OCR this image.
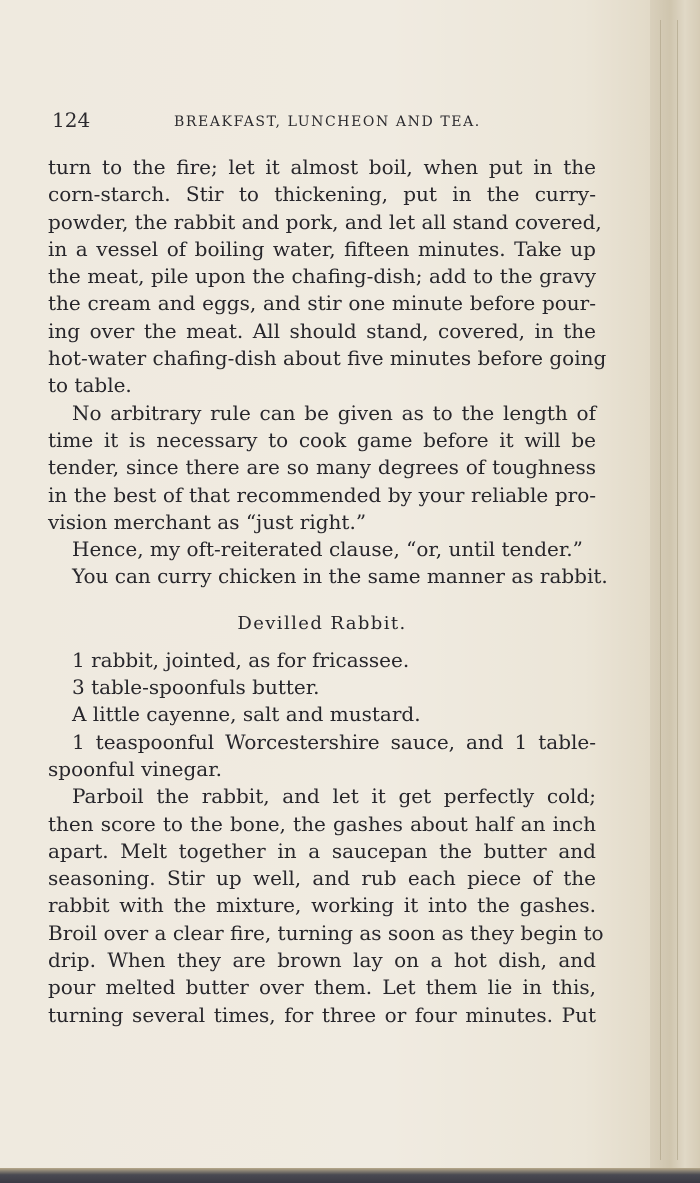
124	BREAKFAST, LUNCHEON AND TEA.
turn to the fire; let it almost boil, when put in the
corn-starch. Stir to thickening, put in the curry-
powder, the rabbit and pork, and let all stand covered,
in a vessel of boiling water, fifteen minutes. Take up
the meat, pile upon the chafing-dish; add to the gravy
the cream and eggs, and stir one minute before pour-
ing over the meat. All should stand, covered, in the
hot-water chafing-dish about five minutes before going
to table.
No arbitrary rule can be given as to the length of
time it is necessary to cook game before it will be
tender, since there are so many degrees of toughness
in the best of that recommended by your reliable pro-
vision merchant as “just right.”
Hence, my oft-reiterated clause, “or, until tender.”
You can curry chicken in the same manner as rabbit.
Devilled Rabbit.
1 rabbit, jointed, as for fricassee.
3 table-spoonfuls butter.
A little cayenne, salt and mustard.
1 teaspoonful Worcestershire sauce, and 1 table-
spoonful vinegar.
Parboil the rabbit, and let it get perfectly cold;
then score to the bone, the gashes about half an inch
apart. Melt together in a saucepan the butter and
seasoning. Stir up well, and rub each piece of the
rabbit with the mixture, working it into the gashes.
Broil over a clear fire, turning as soon as they begin to
drip. When they are brown lay on a hot dish, and
pour melted butter over them. Let them lie in this,
turning several times, for three or four minutes. Put
